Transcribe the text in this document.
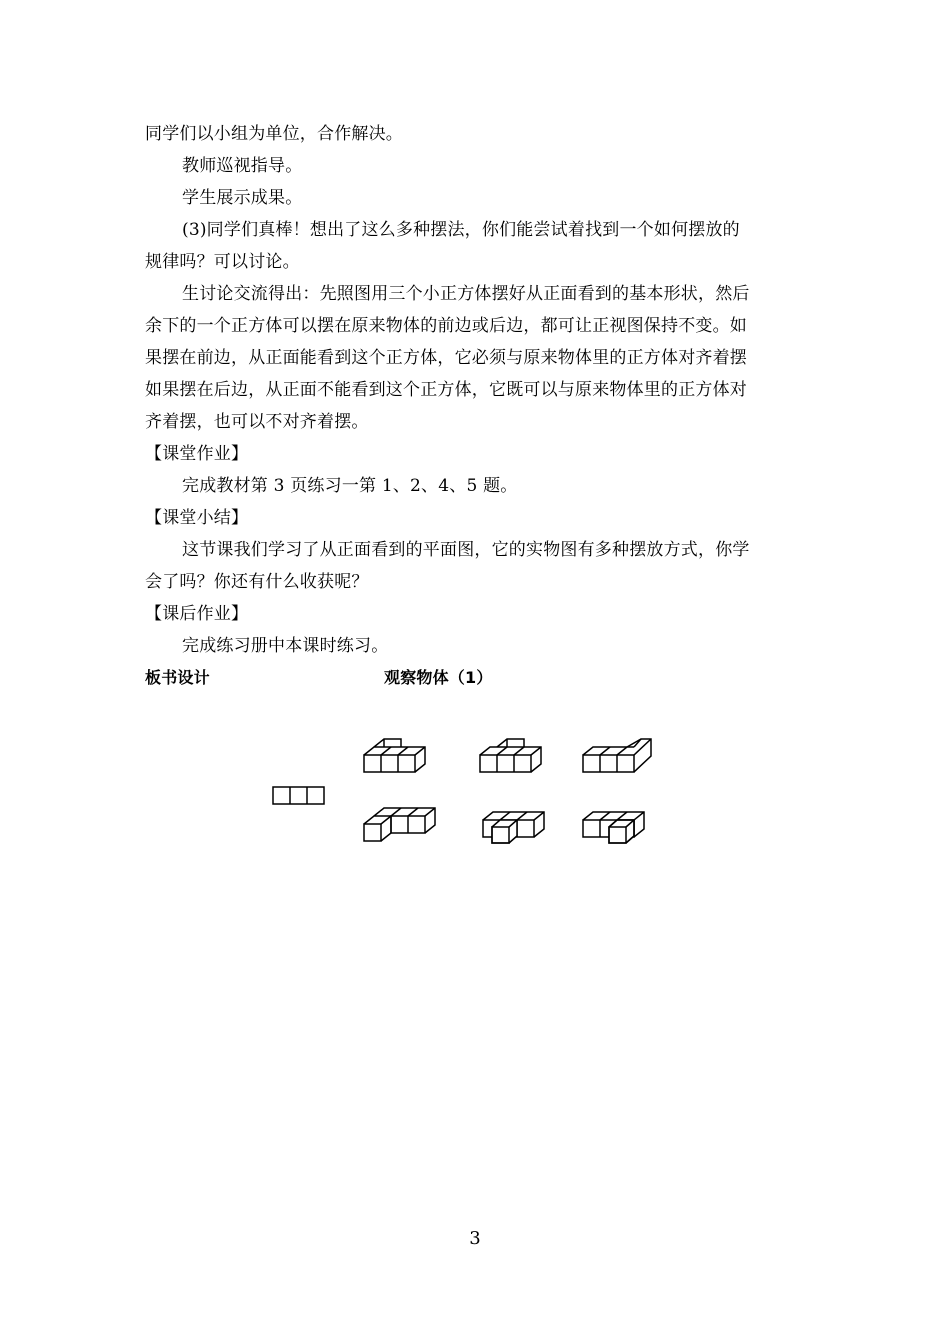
同学们以小组为单位，合作解决。
教师巡视指导。
学生展示成果。
(3)同学们真棒！想出了这么多种摆法，你们能尝试着找到一个如何摆放的
规律吗？可以讨论。
生讨论交流得出：先照图用三个小正方体摆好从正面看到的基本形状，然后
余下的一个正方体可以摆在原来物体的前边或后边，都可让正视图保持不变。如
果摆在前边，从正面能看到这个正方体，它必须与原来物体里的正方体对齐着摆
如果摆在后边，从正面不能看到这个正方体，它既可以与原来物体里的正方体对
齐着摆，也可以不对齐着摆。
【课堂作业】
完成教材第 3 页练习一第 1、2、4、5 题。
【课堂小结】
这节课我们学习了从正面看到的平面图，它的实物图有多种摆放方式，你学
会了吗？你还有什么收获呢？
【课后作业】
完成练习册中本课时练习。
板书设计	观察物体（1）
3
